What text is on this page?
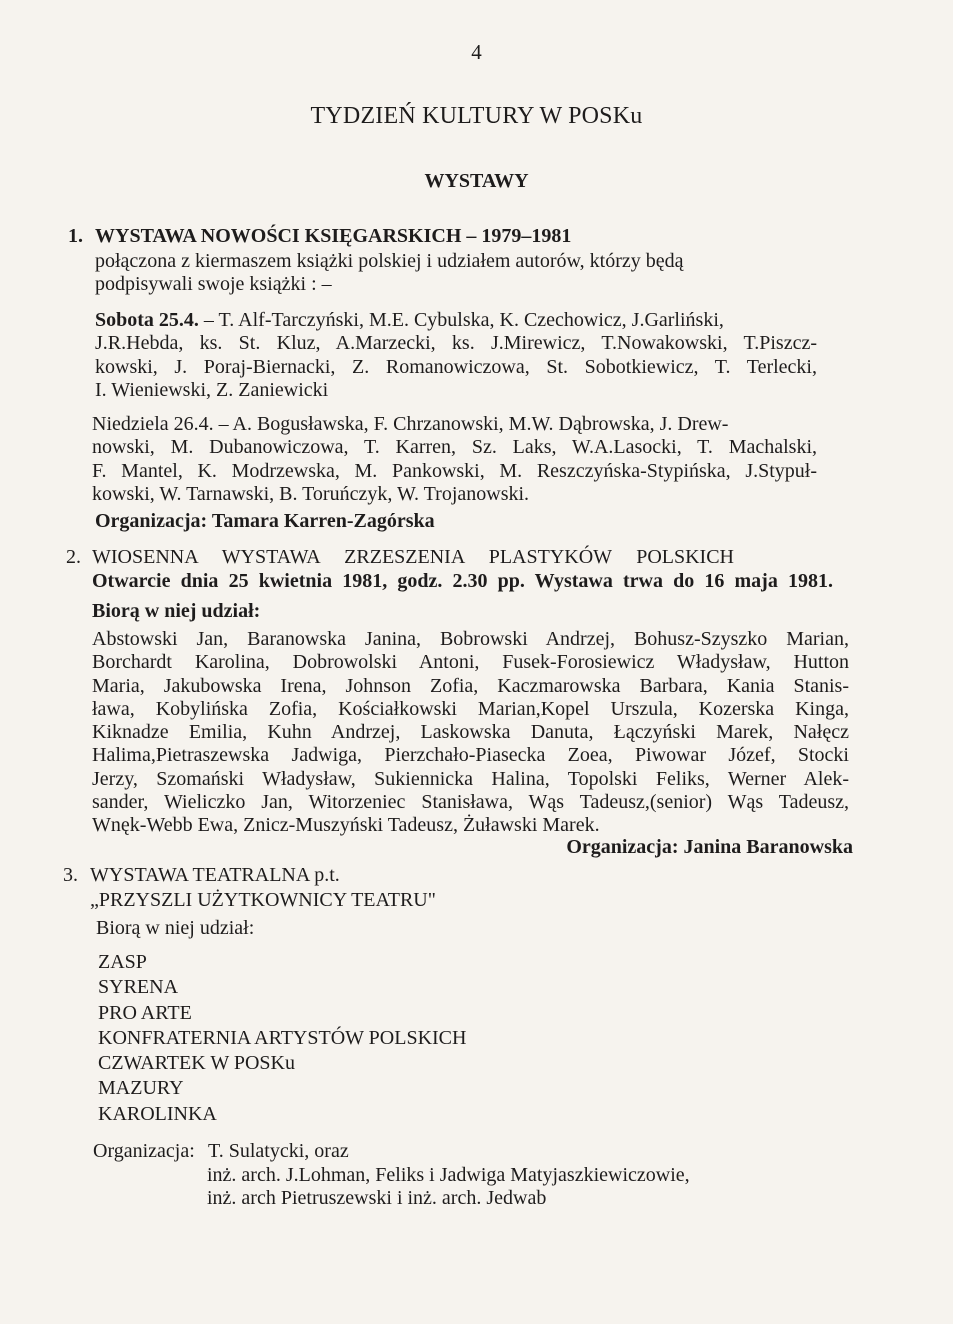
4
TYDZIEŃ KULTURY W POSKu
WYSTAWY
1. WYSTAWA NOWOŚCI KSIĘGARSKICH – 1979–1981
połączona z kiermaszem książki polskiej i udziałem autorów, którzy będą
podpisywali swoje książki : –
Sobota 25.4. – T. Alf-Tarczyński, M.E. Cybulska, K. Czechowicz, J.Garliński,
J.R.Hebda, ks. St. Kluz, A.Marzecki, ks. J.Mirewicz, T.Nowakowski, T.Piszcz-
kowski, J. Poraj-Biernacki, Z. Romanowiczowa, St. Sobotkiewicz, T. Terlecki,
I. Wieniewski, Z. Zaniewicki
Niedziela 26.4. – A. Bogusławska, F. Chrzanowski, M.W. Dąbrowska, J. Drew-
nowski, M. Dubanowiczowa, T. Karren, Sz. Laks, W.A.Lasocki, T. Machalski,
F. Mantel, K. Modrzewska, M. Pankowski, M. Reszczyńska-Stypińska, J.Stypuł-
kowski, W. Tarnawski, B. Toruńczyk, W. Trojanowski.
Organizacja: Tamara Karren-Zagórska
2. WIOSENNA WYSTAWA ZRZESZENIA PLASTYKÓW POLSKICH
Otwarcie dnia 25 kwietnia 1981, godz. 2.30 pp. Wystawa trwa do 16 maja 1981.
Biorą w niej udział:
Abstowski Jan, Baranowska Janina, Bobrowski Andrzej, Bohusz-Szyszko Marian,
Borchardt Karolina, Dobrowolski Antoni, Fusek-Forosiewicz Władysław, Hutton
Maria, Jakubowska Irena, Johnson Zofia, Kaczmarowska Barbara, Kania Stanis-
ława, Kobylińska Zofia, Kościałkowski Marian,Kopel Urszula, Kozerska Kinga,
Kiknadze Emilia, Kuhn Andrzej, Laskowska Danuta, Łączyński Marek, Nałęcz
Halima,Pietraszewska Jadwiga, Pierzchało-Piasecka Zoea, Piwowar Józef, Stocki
Jerzy, Szomański Władysław, Sukiennicka Halina, Topolski Feliks, Werner Alek-
sander, Wieliczko Jan, Witorzeniec Stanisława, Wąs Tadeusz,(senior) Wąs Tadeusz,
Wnęk-Webb Ewa, Znicz-Muszyński Tadeusz, Żuławski Marek.
Organizacja: Janina Baranowska
3. WYSTAWA TEATRALNA p.t.
„PRZYSZLI UŻYTKOWNICY TEATRU"
Biorą w niej udział:
ZASP
SYRENA
PRO ARTE
KONFRATERNIA ARTYSTÓW POLSKICH
CZWARTEK W POSKu
MAZURY
KAROLINKA
Organizacja: T. Sulatycki, oraz
inż. arch. J.Lohman, Feliks i Jadwiga Matyjaszkiewiczowie,
inż. arch Pietruszewski i inż. arch. Jedwab
